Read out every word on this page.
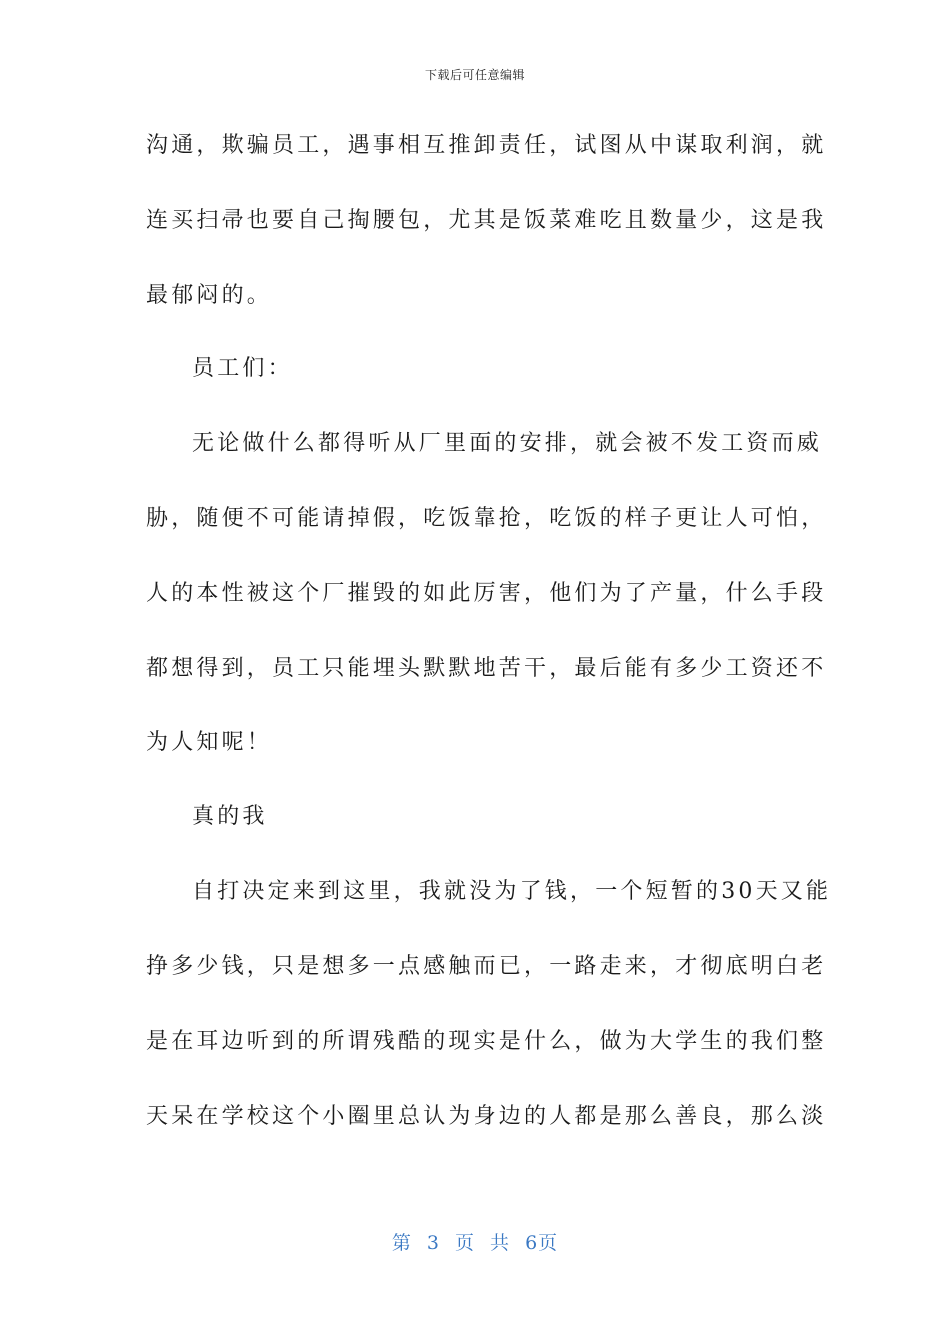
下载后可任意编辑
沟通，欺骗员工，遇事相互推卸责任，试图从中谋取利润，就
连买扫帚也要自己掏腰包，尤其是饭菜难吃且数量少，这是我
最郁闷的。
员工们：
无论做什么都得听从厂里面的安排，就会被不发工资而威
胁，随便不可能请掉假，吃饭靠抢，吃饭的样子更让人可怕，
人的本性被这个厂摧毁的如此厉害，他们为了产量，什么手段
都想得到，员工只能埋头默默地苦干，最后能有多少工资还不
为人知呢！
真的我
自打决定来到这里，我就没为了钱，一个短暂的30天又能
挣多少钱，只是想多一点感触而已，一路走来，才彻底明白老
是在耳边听到的所谓残酷的现实是什么，做为大学生的我们整
天呆在学校这个小圈里总认为身边的人都是那么善良，那么淡
第 3 页 共 6页
